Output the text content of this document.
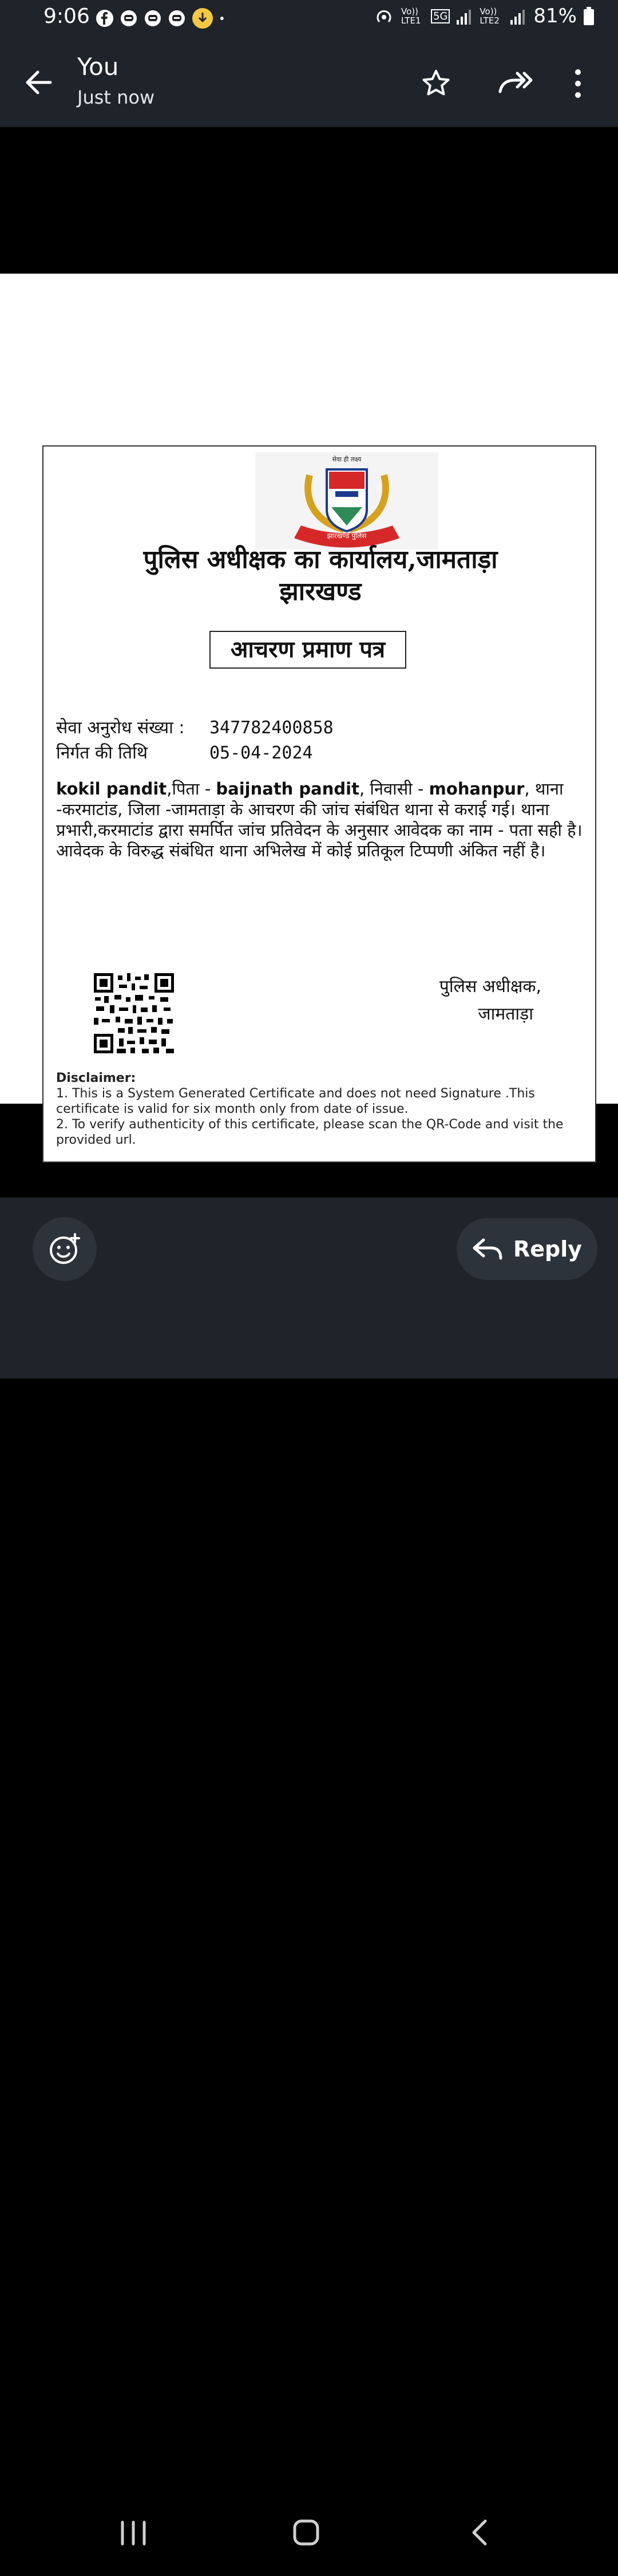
9:06	Vo)) LTE1	5G	Vo)) LTE2 81%
You
Just now
सेवा ही लक्ष्य
झारखण्ड पुलिस
पुलिस अधीक्षक का कार्यालय,जामताड़ा
झारखण्ड
आचरण प्रमाण पत्र
सेवा अनुरोध संख्या :	347782400858
निर्गत की तिथि	05-04-2024
kokil pandit,पिता - baijnath pandit, निवासी - mohanpur, थाना -करमाटांड, जिला -जामताड़ा के आचरण की जांच संबंधित थाना से कराई गई। थाना प्रभारी,करमाटांड द्वारा समर्पित जांच प्रतिवेदन के अनुसार आवेदक का नाम - पता सही है। आवेदक के विरुद्ध संबंधित थाना अभिलेख में कोई प्रतिकूल टिप्पणी अंकित नहीं है।
पुलिस अधीक्षक,
जामताड़ा
Disclaimer:
1. This is a System Generated Certificate and does not need Signature .This certificate is valid for six month only from date of issue.
2. To verify authenticity of this certificate, please scan the QR-Code and visit the provided url.
Reply
